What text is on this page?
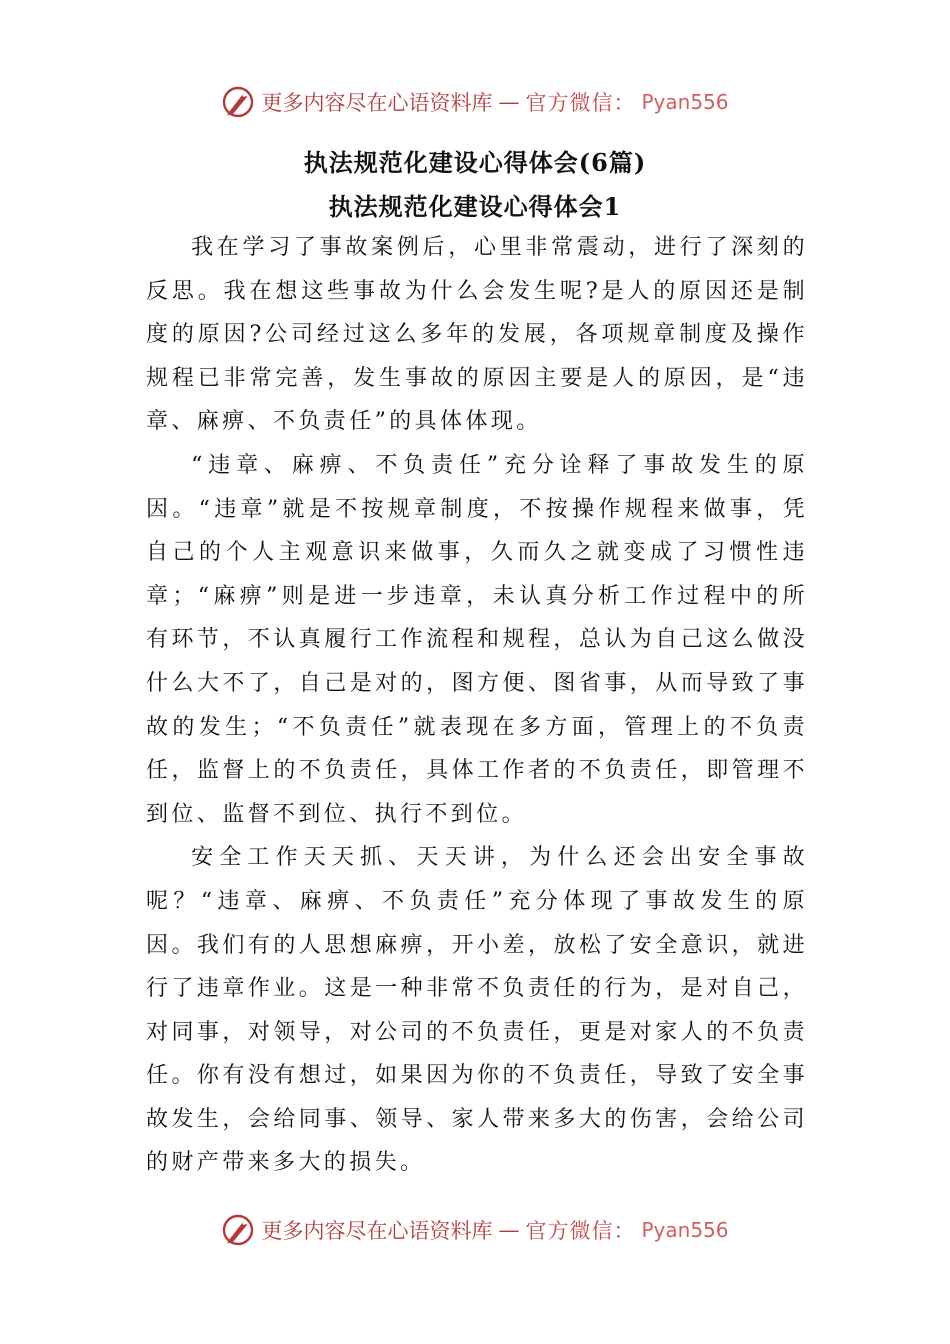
更多内容尽在心语资料库 — 官方微信： Pyan556
执法规范化建设心得体会(6篇)
执法规范化建设心得体会1

我在学习了事故案例后，心里非常震动，进行了深刻的反思。我在想这些事故为什么会发生呢?是人的原因还是制度的原因?公司经过这么多年的发展，各项规章制度及操作规程已非常完善，发生事故的原因主要是人的原因，是“违章、麻痹、不负责任”的具体体现。

“违章、麻痹、不负责任”充分诠释了事故发生的原因。“违章”就是不按规章制度，不按操作规程来做事，凭自己的个人主观意识来做事，久而久之就变成了习惯性违章；“麻痹”则是进一步违章，未认真分析工作过程中的所有环节，不认真履行工作流程和规程，总认为自己这么做没什么大不了，自己是对的，图方便、图省事，从而导致了事故的发生；“不负责任”就表现在多方面，管理上的不负责任，监督上的不负责任，具体工作者的不负责任，即管理不到位、监督不到位、执行不到位。

安全工作天天抓、天天讲，为什么还会出安全事故呢？“违章、麻痹、不负责任”充分体现了事故发生的原因。我们有的人思想麻痹，开小差，放松了安全意识，就进行了违章作业。这是一种非常不负责任的行为，是对自己，对同事，对领导，对公司的不负责任，更是对家人的不负责任。你有没有想过，如果因为你的不负责任，导致了安全事故发生，会给同事、领导、家人带来多大的伤害，会给公司的财产带来多大的损失。

更多内容尽在心语资料库 — 官方微信： Pyan556
